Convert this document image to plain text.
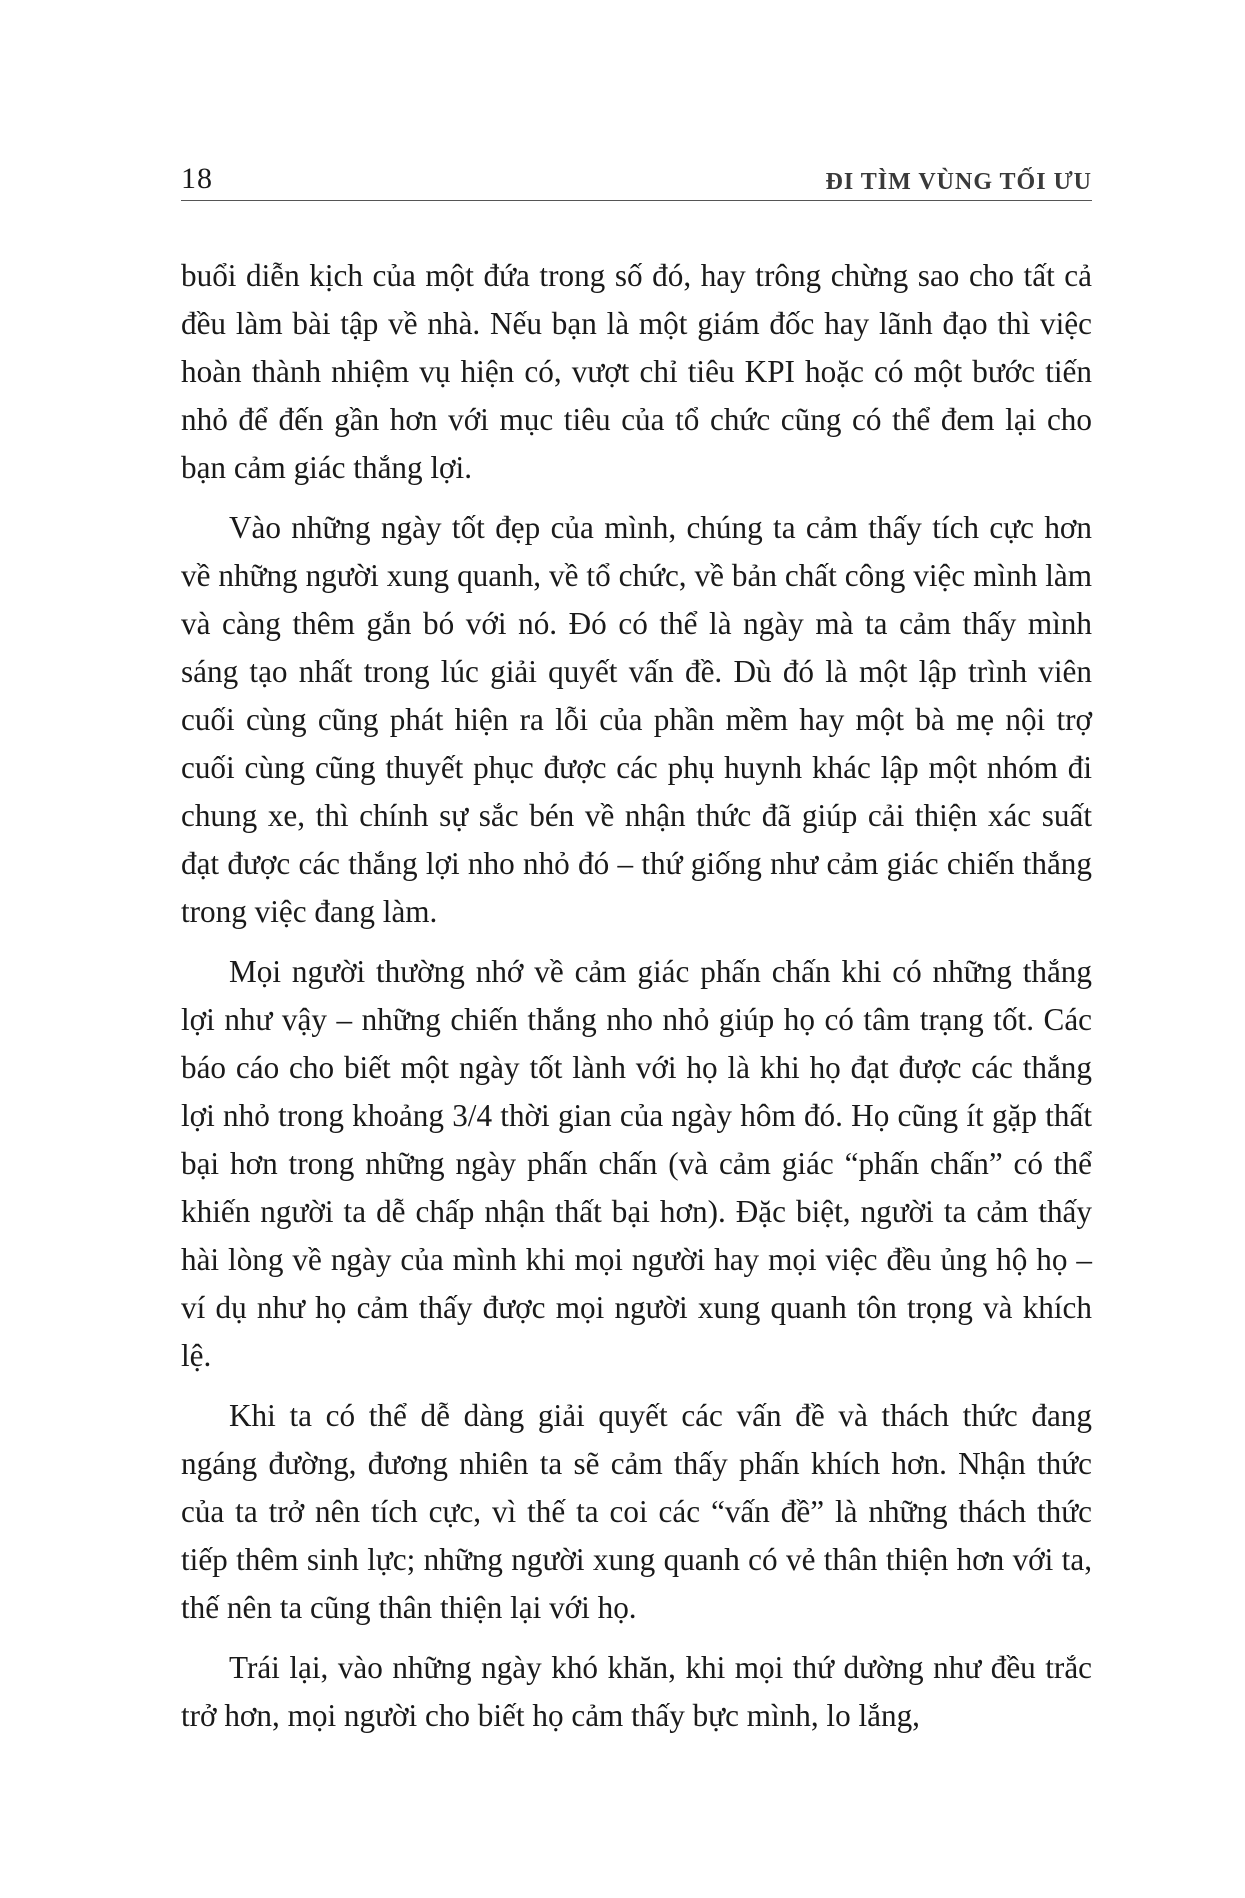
18	ĐI TÌM VÙNG TỐI ƯU

buổi diễn kịch của một đứa trong số đó, hay trông chừng sao cho tất cả đều làm bài tập về nhà. Nếu bạn là một giám đốc hay lãnh đạo thì việc hoàn thành nhiệm vụ hiện có, vượt chỉ tiêu KPI hoặc có một bước tiến nhỏ để đến gần hơn với mục tiêu của tổ chức cũng có thể đem lại cho bạn cảm giác thắng lợi.

Vào những ngày tốt đẹp của mình, chúng ta cảm thấy tích cực hơn về những người xung quanh, về tổ chức, về bản chất công việc mình làm và càng thêm gắn bó với nó. Đó có thể là ngày mà ta cảm thấy mình sáng tạo nhất trong lúc giải quyết vấn đề. Dù đó là một lập trình viên cuối cùng cũng phát hiện ra lỗi của phần mềm hay một bà mẹ nội trợ cuối cùng cũng thuyết phục được các phụ huynh khác lập một nhóm đi chung xe, thì chính sự sắc bén về nhận thức đã giúp cải thiện xác suất đạt được các thắng lợi nho nhỏ đó – thứ giống như cảm giác chiến thắng trong việc đang làm.

Mọi người thường nhớ về cảm giác phấn chấn khi có những thắng lợi như vậy – những chiến thắng nho nhỏ giúp họ có tâm trạng tốt. Các báo cáo cho biết một ngày tốt lành với họ là khi họ đạt được các thắng lợi nhỏ trong khoảng 3/4 thời gian của ngày hôm đó. Họ cũng ít gặp thất bại hơn trong những ngày phấn chấn (và cảm giác “phấn chấn” có thể khiến người ta dễ chấp nhận thất bại hơn). Đặc biệt, người ta cảm thấy hài lòng về ngày của mình khi mọi người hay mọi việc đều ủng hộ họ – ví dụ như họ cảm thấy được mọi người xung quanh tôn trọng và khích lệ.

Khi ta có thể dễ dàng giải quyết các vấn đề và thách thức đang ngáng đường, đương nhiên ta sẽ cảm thấy phấn khích hơn. Nhận thức của ta trở nên tích cực, vì thế ta coi các “vấn đề” là những thách thức tiếp thêm sinh lực; những người xung quanh có vẻ thân thiện hơn với ta, thế nên ta cũng thân thiện lại với họ.

Trái lại, vào những ngày khó khăn, khi mọi thứ dường như đều trắc trở hơn, mọi người cho biết họ cảm thấy bực mình, lo lắng,
